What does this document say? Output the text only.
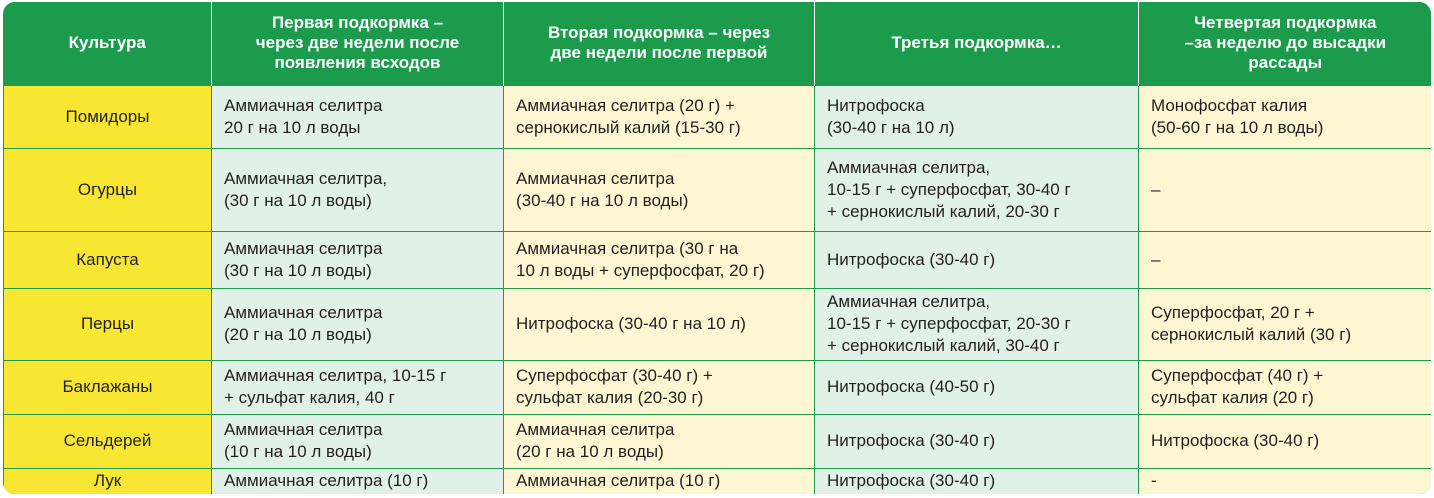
Культура	Первая подкормка –
через две недели после
появления всходов	Вторая подкормка – через
две недели после первой	Третья подкормка…	Четвертая подкормка
–за неделю до высадки
рассады
Помидоры	Аммиачная селитра
20 г на 10 л воды	Аммиачная селитра (20 г) +
сернокислый калий (15-30 г)	Нитрофоска
(30-40 г на 10 л)	Монофосфат калия
(50-60 г на 10 л воды)
Огурцы	Аммиачная селитра,
(30 г на 10 л воды)	Аммиачная селитра
(30-40 г на 10 л воды)	Аммиачная селитра,
10-15 г + суперфосфат, 30-40 г
+ сернокислый калий, 20-30 г	–
Капуста	Аммиачная селитра
(30 г на 10 л воды)	Аммиачная селитра (30 г на
10 л воды + суперфосфат, 20 г)	Нитрофоска (30-40 г)	–
Перцы	Аммиачная селитра
(20 г на 10 л воды)	Нитрофоска (30-40 г на 10 л)	Аммиачная селитра,
10-15 г + суперфосфат, 20-30 г
+ сернокислый калий, 30-40 г	Суперфосфат, 20 г +
сернокислый калий (30 г)
Баклажаны	Аммиачная селитра, 10-15 г
+ сульфат калия, 40 г	Суперфосфат (30-40 г) +
сульфат калия (20-30 г)	Нитрофоска (40-50 г)	Суперфосфат (40 г) +
сульфат калия (20 г)
Сельдерей	Аммиачная селитра
(10 г на 10 л воды)	Аммиачная селитра
(20 г на 10 л воды)	Нитрофоска (30-40 г)	Нитрофоска (30-40 г)
Лук	Аммиачная селитра (10 г)	Аммиачная селитра (10 г)	Нитрофоска (30-40 г)	-
